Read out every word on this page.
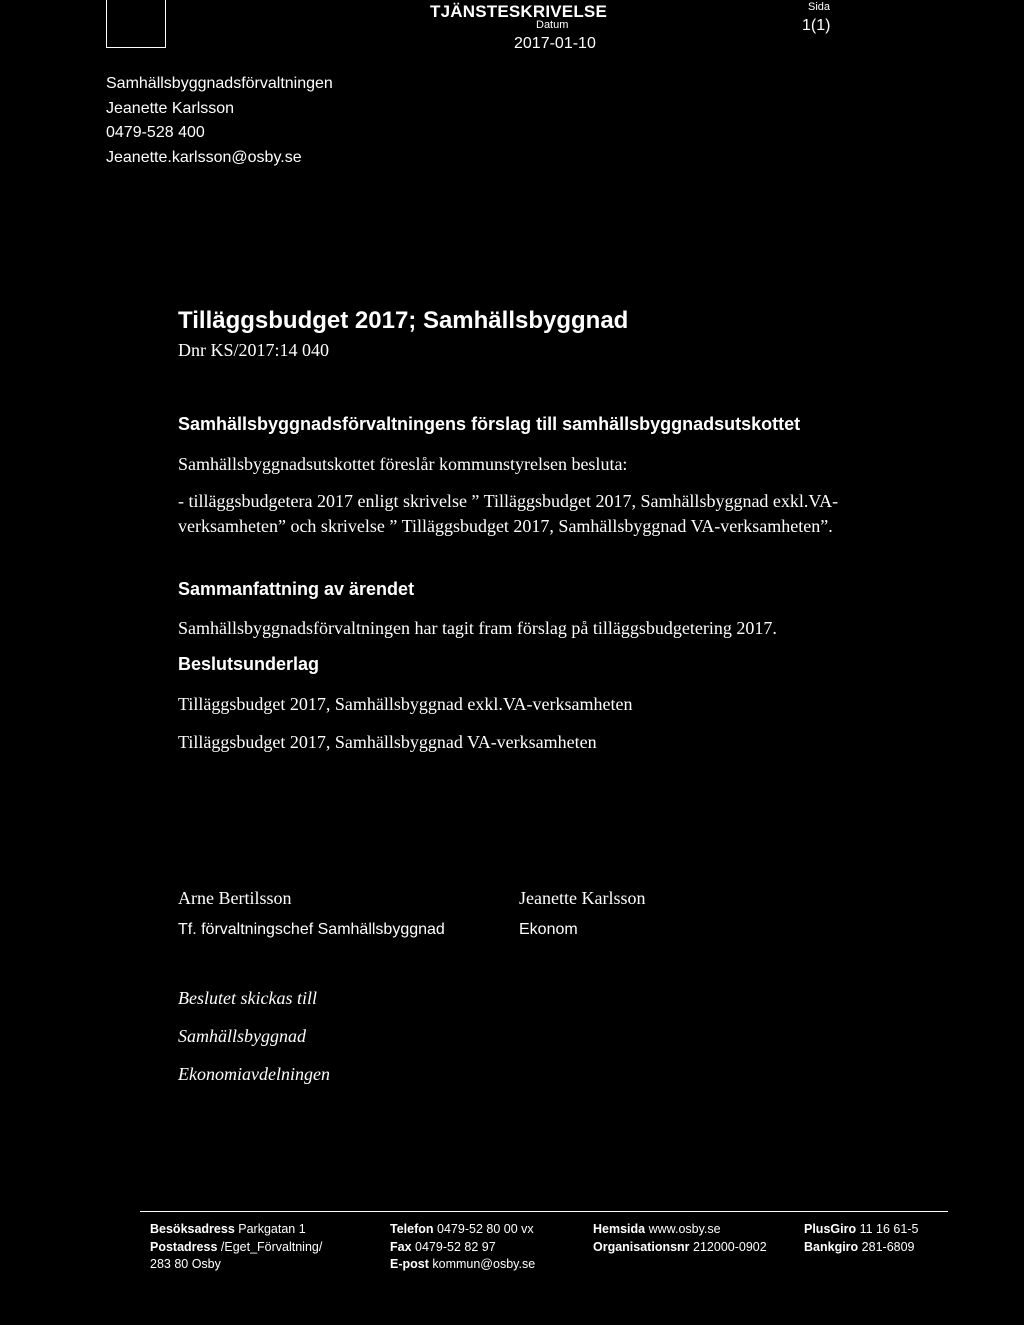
TJÄNSTESKRIVELSE
Datum
2017-01-10
Sida
1(1)
Samhällsbyggnadsförvaltningen
Jeanette Karlsson
0479-528 400
Jeanette.karlsson@osby.se
Tilläggsbudget 2017; Samhällsbyggnad
Dnr KS/2017:14 040
Samhällsbyggnadsförvaltningens förslag till samhällsbyggnadsutskottet
Samhällsbyggnadsutskottet föreslår kommunstyrelsen besluta:
- tilläggsbudgetera 2017 enligt skrivelse ” Tilläggsbudget 2017, Samhällsbyggnad exkl.VA-verksamheten” och skrivelse ” Tilläggsbudget 2017, Samhällsbyggnad VA-verksamheten”.
Sammanfattning av ärendet
Samhällsbyggnadsförvaltningen har tagit fram förslag på tilläggsbudgetering 2017.
Beslutsunderlag
Tilläggsbudget 2017, Samhällsbyggnad exkl.VA-verksamheten
Tilläggsbudget 2017, Samhällsbyggnad VA-verksamheten
Arne Bertilsson
Tf. förvaltningschef Samhällsbyggnad
Jeanette Karlsson
Ekonom
Beslutet skickas till
Samhällsbyggnad
Ekonomiavdelningen
Besöksadress Parkgatan 1
Postadress /Eget_Förvaltning/
283 80 Osby
Telefon 0479-52 80 00 vx
Fax 0479-52 82 97
E-post kommun@osby.se
Hemsida www.osby.se
Organisationsnr 212000-0902
PlusGiro 11 16 61-5
Bankgiro 281-6809
